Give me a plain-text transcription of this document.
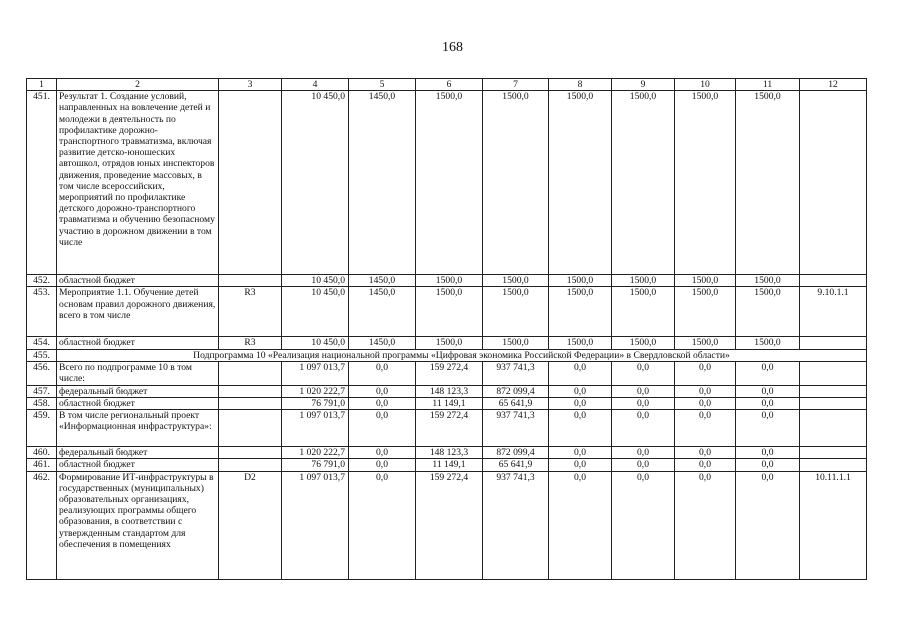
168
1	2	3	4	5	6	7	8	9	10	11	12
451.	Результат 1. Создание условий, направленных на вовлечение детей и молодежи в деятельность по профилактике дорожно-транспортного травматизма, включая развитие детско-юношеских автошкол, отрядов юных инспекторов движения, проведение массовых, в том числе всероссийских, мероприятий по профилактике детского дорожно-транспортного травматизма и обучению безопасному участию в дорожном движении в том числе		10 450,0	1450,0	1500,0	1500,0	1500,0	1500,0	1500,0	1500,0	
452.	областной бюджет		10 450,0	1450,0	1500,0	1500,0	1500,0	1500,0	1500,0	1500,0	
453.	Мероприятие 1.1. Обучение детей основам правил дорожного движения, всего в том числе	R3	10 450,0	1450,0	1500,0	1500,0	1500,0	1500,0	1500,0	1500,0	9.10.1.1
454.	областной бюджет	R3	10 450,0	1450,0	1500,0	1500,0	1500,0	1500,0	1500,0	1500,0	
455.	Подпрограмма 10 «Реализация национальной программы «Цифровая экономика Российской Федерации» в Свердловской области»										
456.	Всего по подпрограмме 10 в том числе:		1 097 013,7	0,0	159 272,4	937 741,3	0,0	0,0	0,0	0,0	
457.	федеральный бюджет		1 020 222,7	0,0	148 123,3	872 099,4	0,0	0,0	0,0	0,0	
458.	областной бюджет		76 791,0	0,0	11 149,1	65 641,9	0,0	0,0	0,0	0,0	
459.	В том числе региональный проект «Информационная инфраструктура»:		1 097 013,7	0,0	159 272,4	937 741,3	0,0	0,0	0,0	0,0	
460.	федеральный бюджет		1 020 222,7	0,0	148 123,3	872 099,4	0,0	0,0	0,0	0,0	
461.	областной бюджет		76 791,0	0,0	11 149,1	65 641,9	0,0	0,0	0,0	0,0	
462.	Формирование ИТ-инфраструктуры в государственных (муниципальных) образовательных организациях, реализующих программы общего образования, в соответствии с утвержденным стандартом для обеспечения в помещениях	D2	1 097 013,7	0,0	159 272,4	937 741,3	0,0	0,0	0,0	0,0	10.11.1.1
